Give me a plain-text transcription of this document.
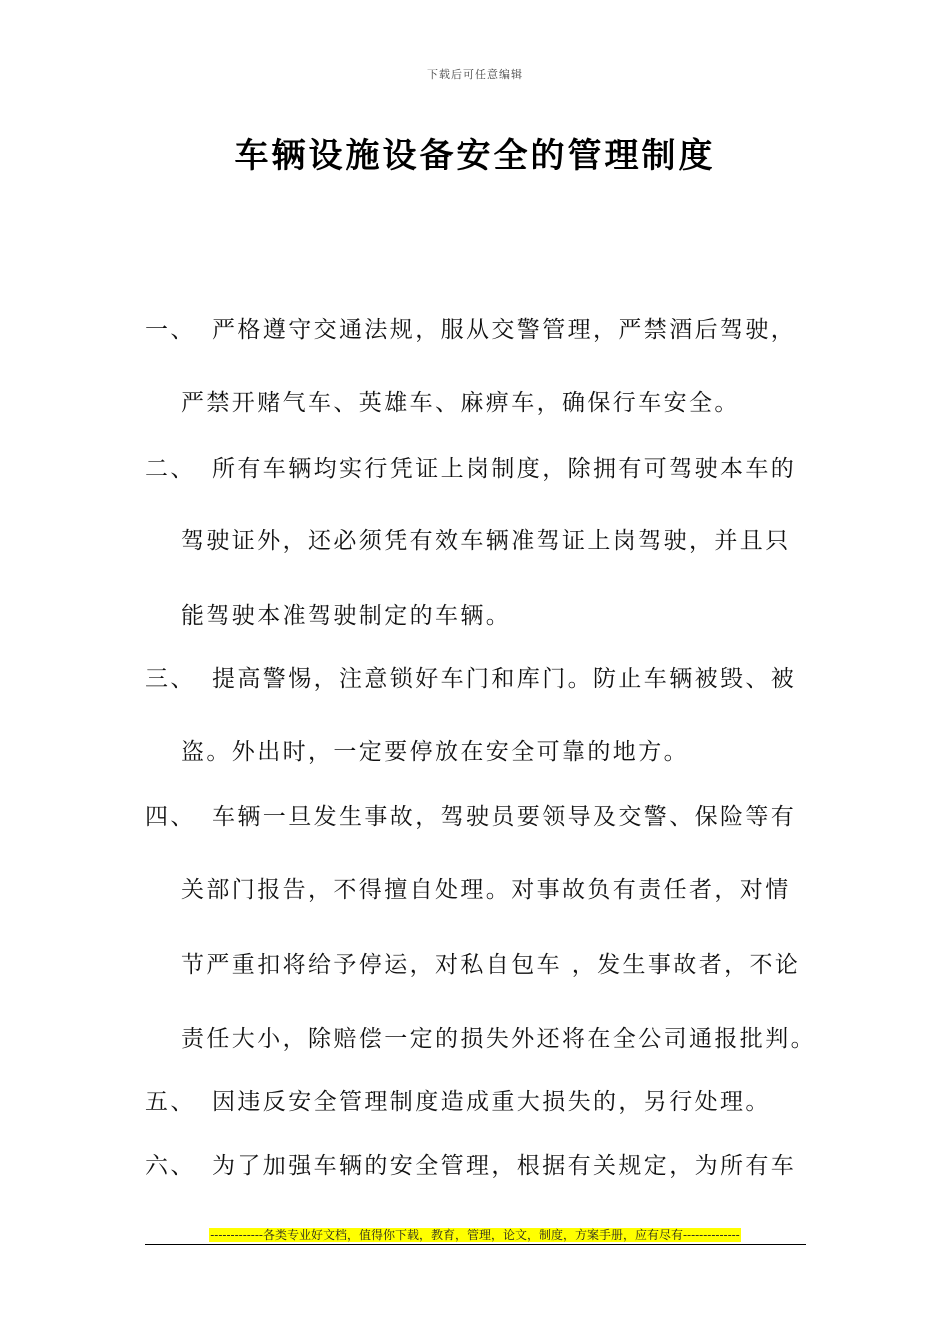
下载后可任意编辑
车辆设施设备安全的管理制度
一、 严格遵守交通法规，服从交警管理，严禁酒后驾驶，
严禁开赌气车、英雄车、麻痹车，确保行车安全。
二、 所有车辆均实行凭证上岗制度，除拥有可驾驶本车的
驾驶证外，还必须凭有效车辆准驾证上岗驾驶，并且只
能驾驶本准驾驶制定的车辆。
三、 提高警惕，注意锁好车门和库门。防止车辆被毁、被
盗。外出时，一定要停放在安全可靠的地方。
四、 车辆一旦发生事故，驾驶员要领导及交警、保险等有
关部门报告，不得擅自处理。对事故负有责任者，对情
节严重扣将给予停运，对私自包车 ，发生事故者，不论
责任大小，除赔偿一定的损失外还将在全公司通报批判。
五、 因违反安全管理制度造成重大损失的，另行处理。
六、 为了加强车辆的安全管理，根据有关规定，为所有车
-------------各类专业好文档，值得你下载，教育，管理，论文，制度，方案手册，应有尽有--------------
